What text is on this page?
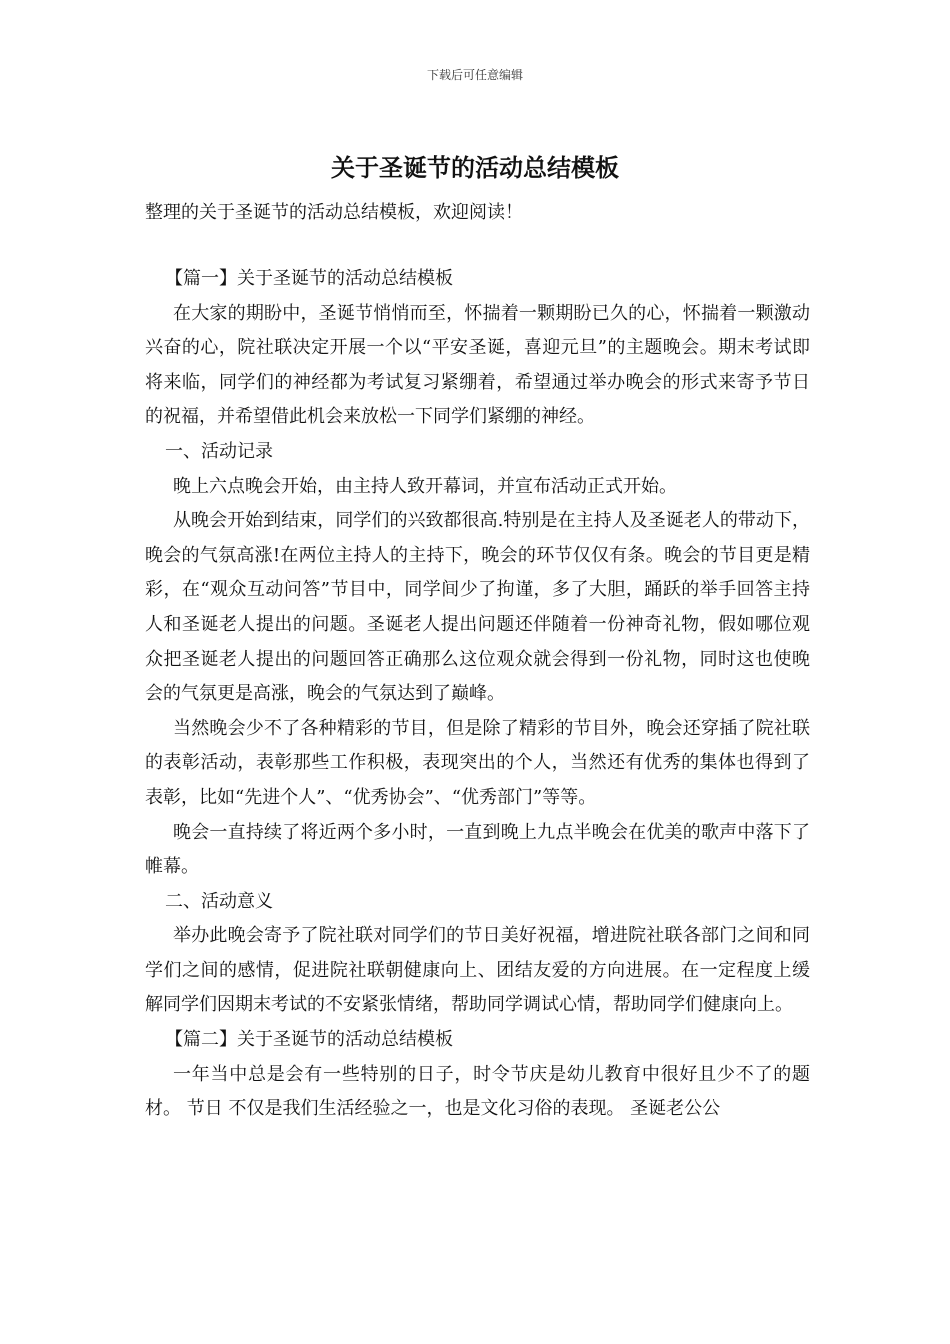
下载后可任意编辑
关于圣诞节的活动总结模板

整理的关于圣诞节的活动总结模板，欢迎阅读！

【篇一】关于圣诞节的活动总结模板

在大家的期盼中，圣诞节悄悄而至，怀揣着一颗期盼已久的心，怀揣着一颗激动兴奋的心，院社联决定开展一个以“平安圣诞，喜迎元旦”的主题晚会。期末考试即将来临，同学们的神经都为考试复习紧绷着，希望通过举办晚会的形式来寄予节日的祝福，并希望借此机会来放松一下同学们紧绷的神经。

一、活动记录

晚上六点晚会开始，由主持人致开幕词，并宣布活动正式开始。

从晚会开始到结束，同学们的兴致都很高.特别是在主持人及圣诞老人的带动下，晚会的气氛高涨!在两位主持人的主持下，晚会的环节仅仅有条。晚会的节目更是精彩，在“观众互动问答”节目中，同学间少了拘谨，多了大胆，踊跃的举手回答主持人和圣诞老人提出的问题。圣诞老人提出问题还伴随着一份神奇礼物，假如哪位观众把圣诞老人提出的问题回答正确那么这位观众就会得到一份礼物，同时这也使晚会的气氛更是高涨，晚会的气氛达到了巅峰。

当然晚会少不了各种精彩的节目，但是除了精彩的节目外，晚会还穿插了院社联的表彰活动，表彰那些工作积极，表现突出的个人，当然还有优秀的集体也得到了表彰，比如“先进个人”、“优秀协会”、“优秀部门”等等。

晚会一直持续了将近两个多小时，一直到晚上九点半晚会在优美的歌声中落下了帷幕。

二、活动意义

举办此晚会寄予了院社联对同学们的节日美好祝福，增进院社联各部门之间和同学们之间的感情，促进院社联朝健康向上、团结友爱的方向进展。在一定程度上缓解同学们因期末考试的不安紧张情绪，帮助同学调试心情，帮助同学们健康向上。

【篇二】关于圣诞节的活动总结模板

一年当中总是会有一些特别的日子，时令节庆是幼儿教育中很好且少不了的题材。 节日 不仅是我们生活经验之一，也是文化习俗的表现。 圣诞老公公
